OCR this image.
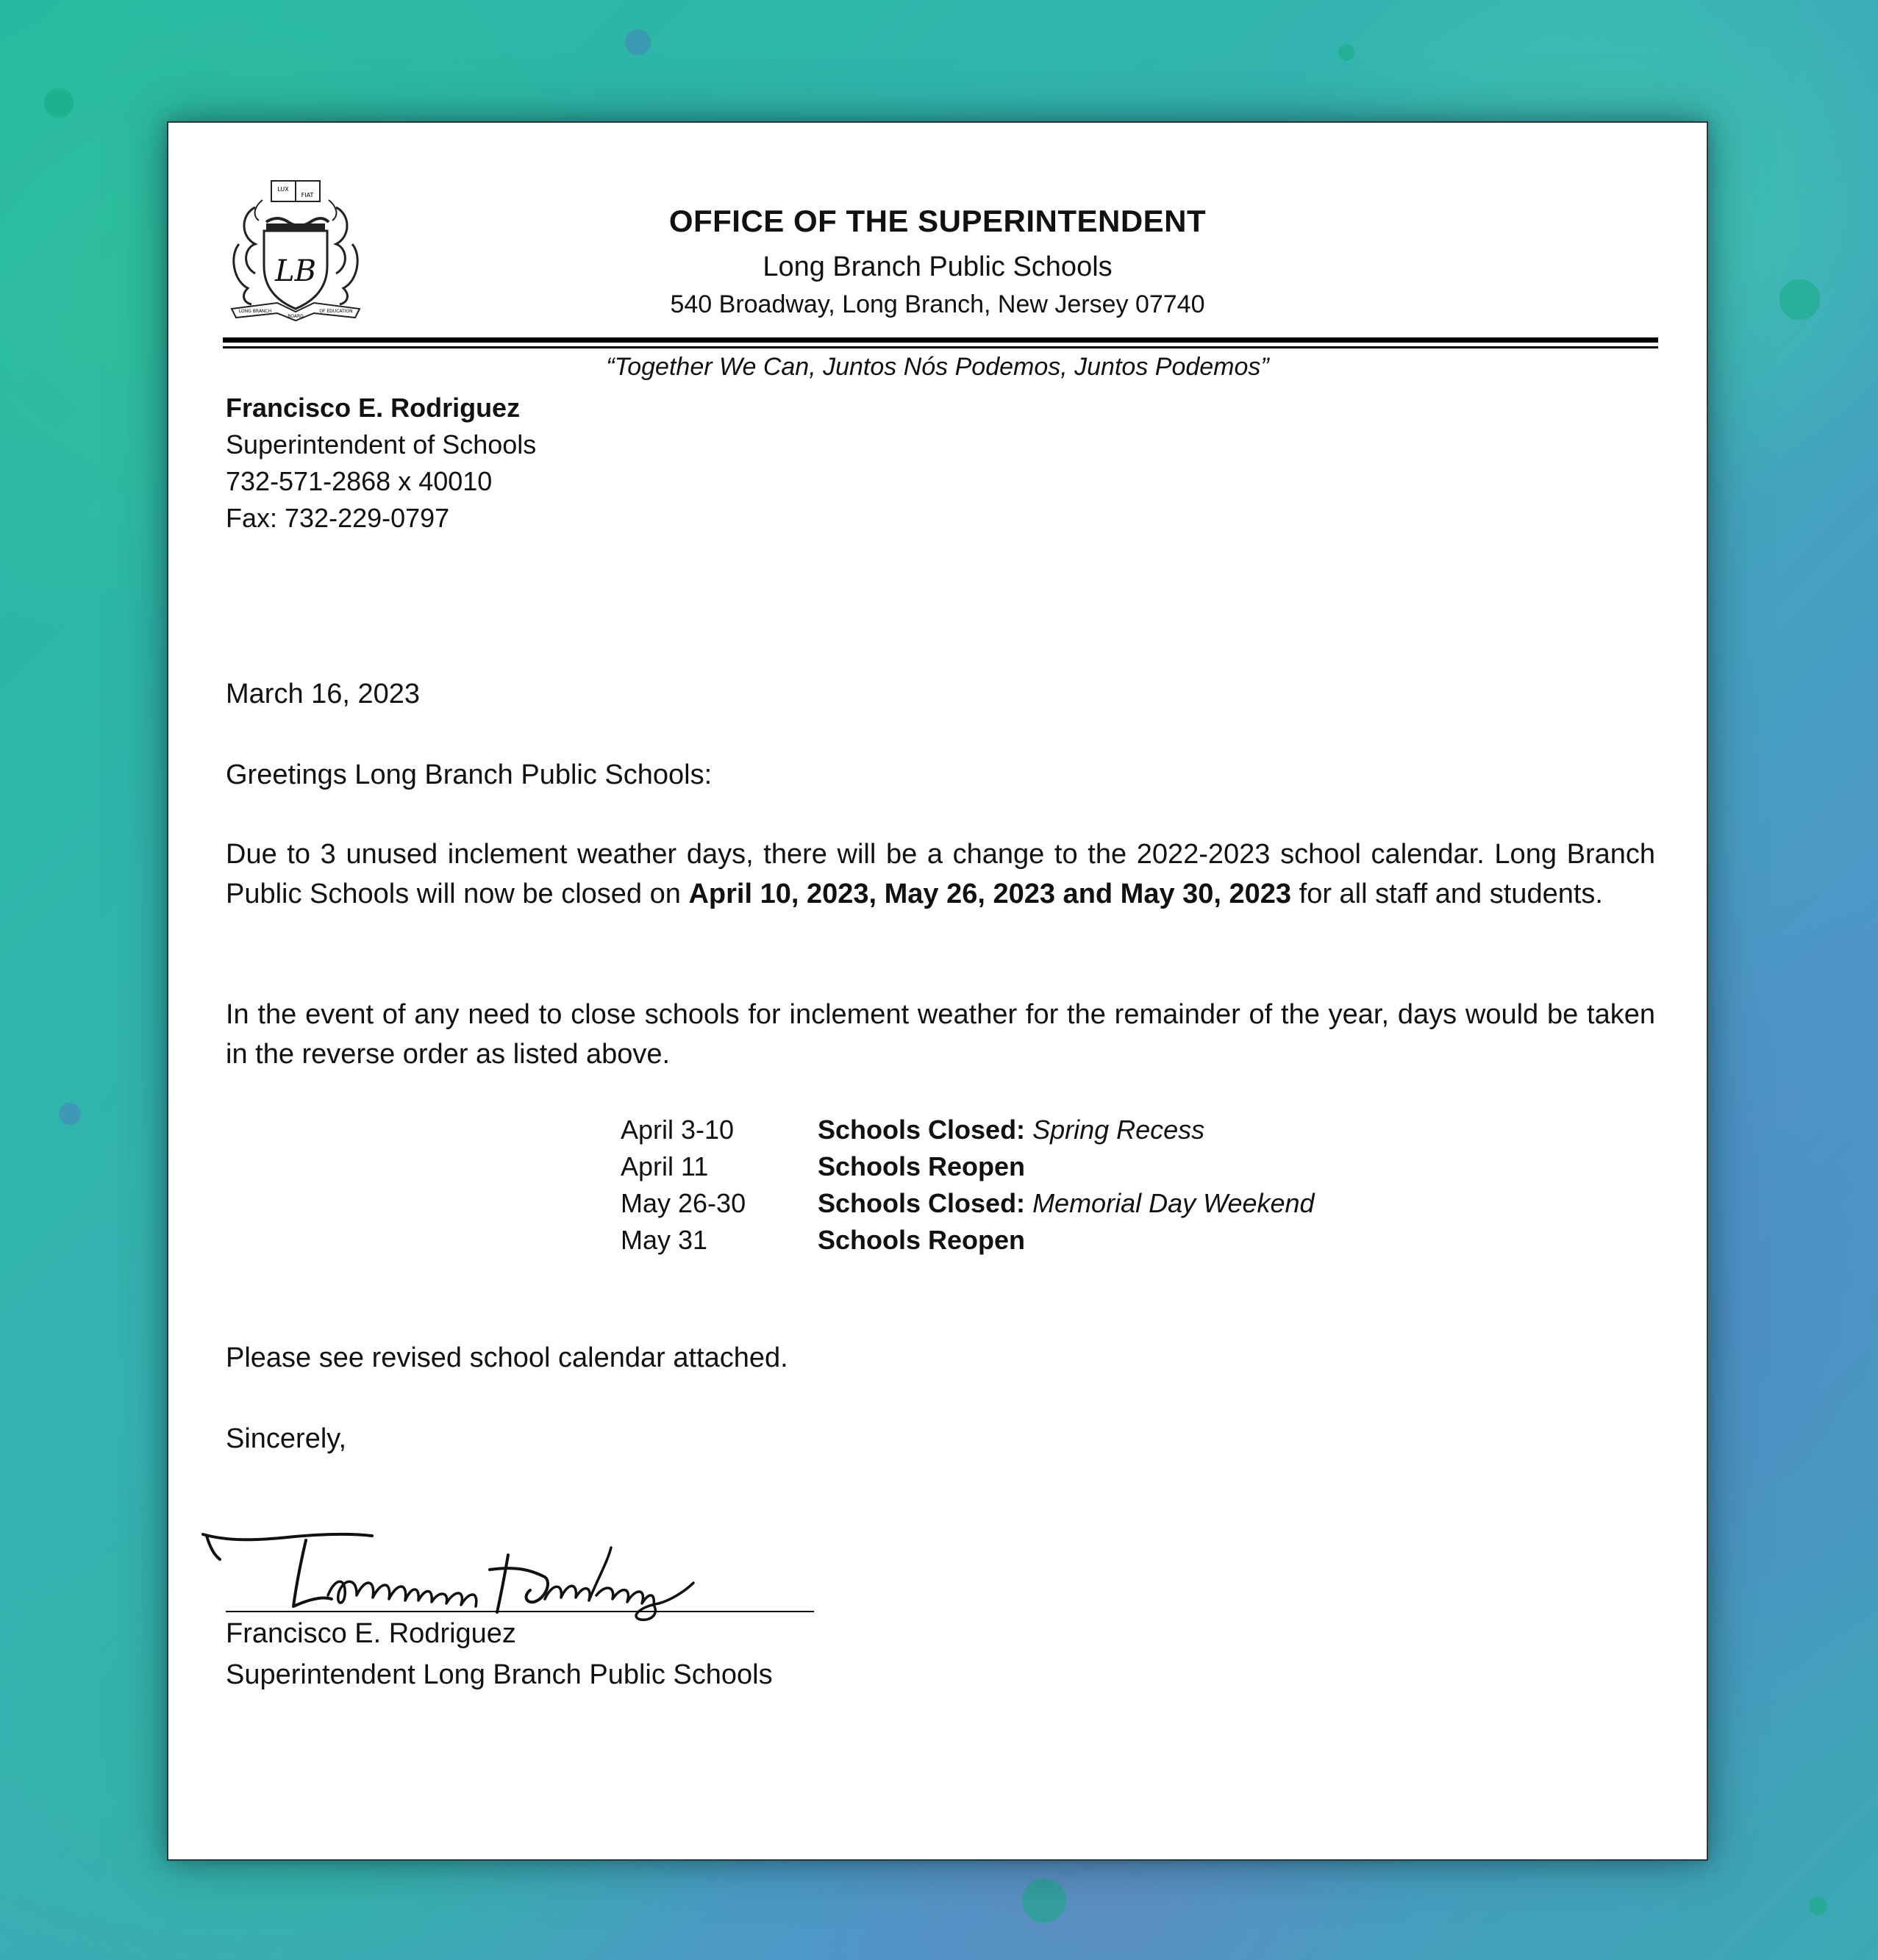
LUX
FIAT
LB
LONG BRANCH
BOARD
OF EDUCATION
OFFICE OF THE SUPERINTENDENT
Long Branch Public Schools
540 Broadway, Long Branch, New Jersey 07740
“Together We Can, Juntos Nós Podemos, Juntos Podemos”
Francisco E. Rodriguez
Superintendent of Schools
732-571-2868 x 40010
Fax: 732-229-0797
March 16, 2023
Greetings Long Branch Public Schools:
Due to 3 unused inclement weather days, there will be a change to the 2022-2023 school calendar. Long Branch Public Schools will now be closed on April 10, 2023, May 26, 2023 and May 30, 2023 for all staff and students.
In the event of any need to close schools for inclement weather for the remainder of the year, days would be taken in the reverse order as listed above.
April 3-10	Schools Closed: Spring Recess
April 11	Schools Reopen
May 26-30	Schools Closed: Memorial Day Weekend
May 31	Schools Reopen
Please see revised school calendar attached.
Sincerely,
Francisco E. Rodriguez
Superintendent Long Branch Public Schools
